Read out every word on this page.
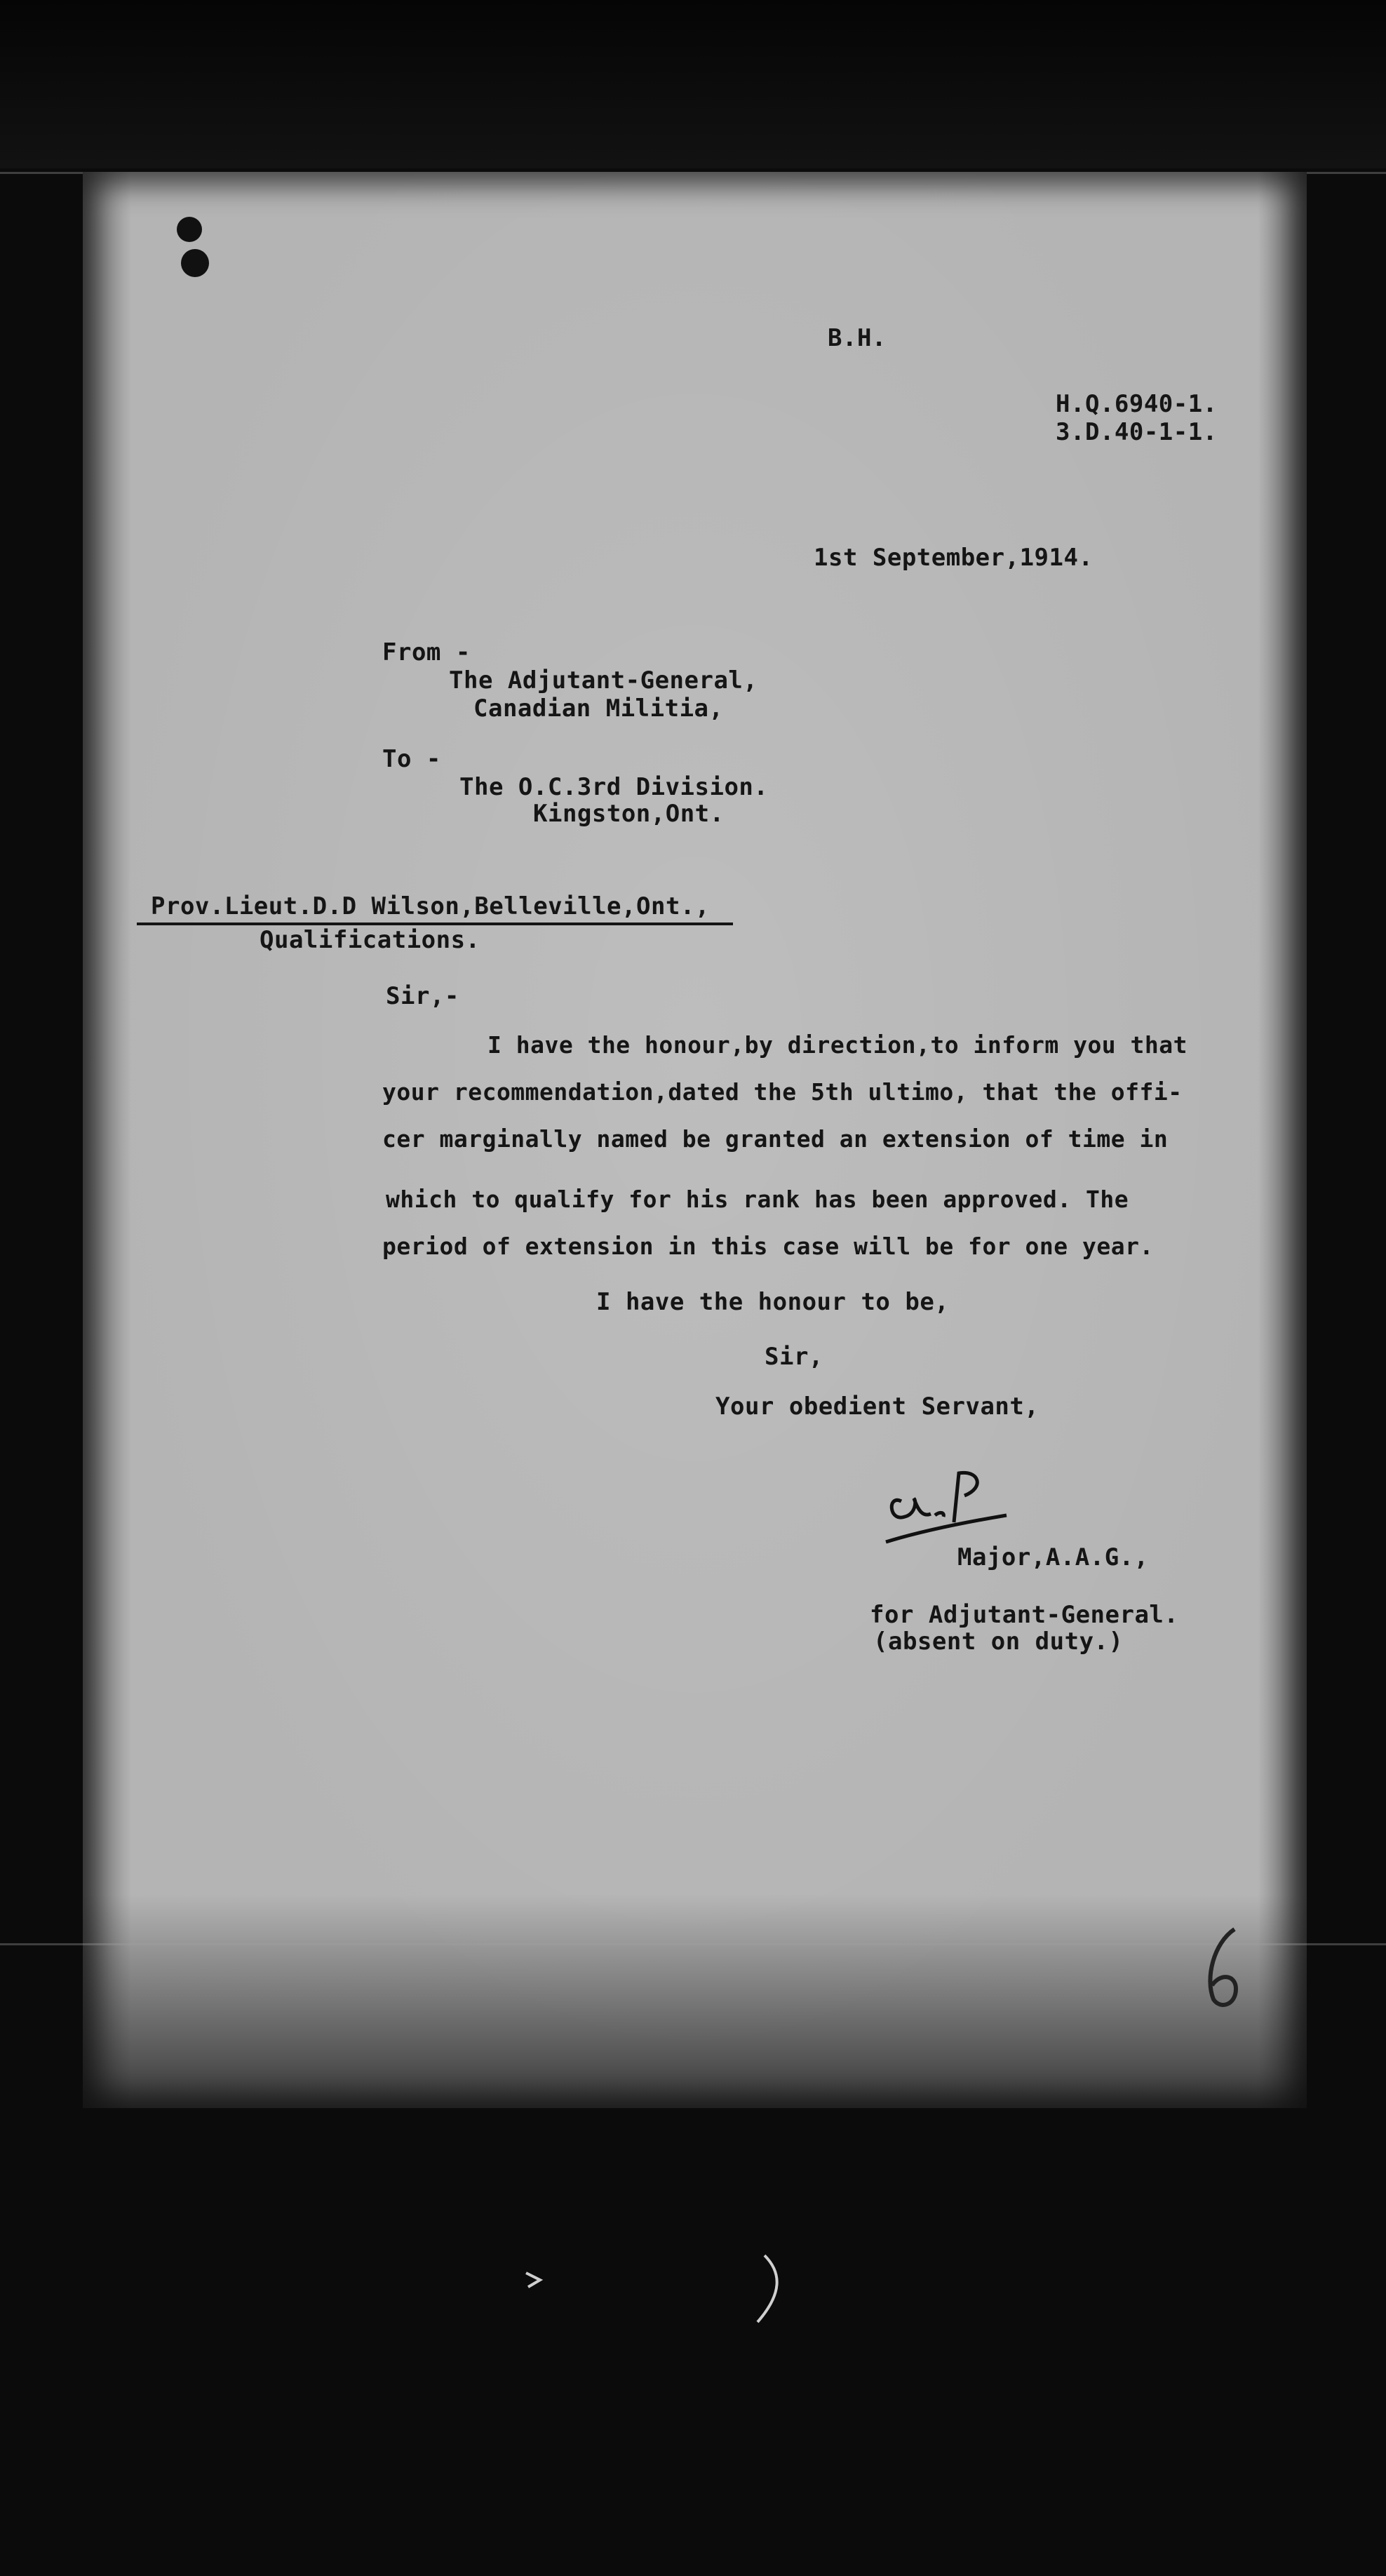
B.H.
H.Q.6940-1.
3.D.40-1-1.
1st September,1914.
From -
The Adjutant-General,
Canadian Militia,
To -
The O.C.3rd Division.
Kingston,Ont.
Prov.Lieut.D.D Wilson,Belleville,Ont.,
Qualifications.
Sir,-
I have the honour,by direction,to inform you that
your recommendation,dated the 5th ultimo, that the offi-
cer marginally named be granted an extension of time in
which to qualify for his rank has been approved. The
period of extension in this case will be for one year.
I have the honour to be,
Sir,
Your obedient Servant,
Major,A.A.G.,
for Adjutant-General.
(absent on duty.)
